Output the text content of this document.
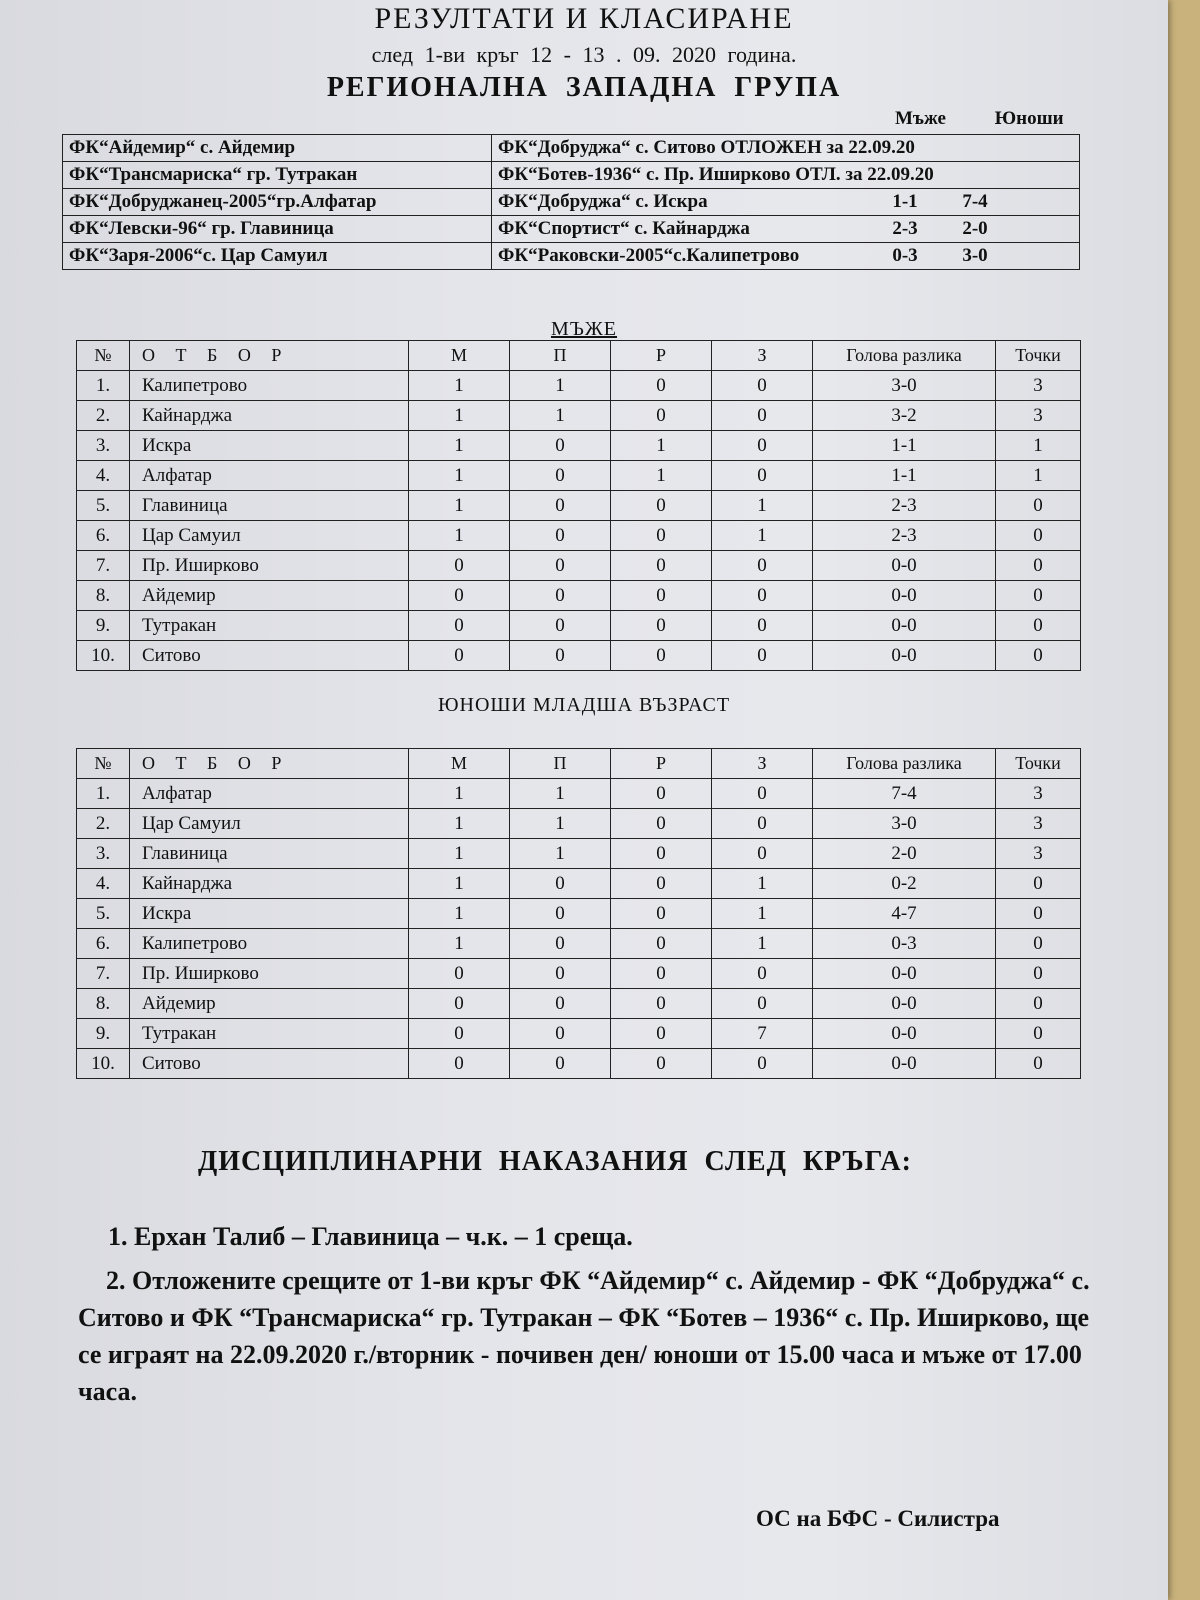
РЕЗУЛТАТИ И КЛАСИРАНЕ
след 1-ви кръг 12 - 13 . 09. 2020 година.
РЕГИОНАЛНА ЗАПАДНА ГРУПА
Мъже	Юноши
ФК“Айдемир“ с. Айдемир	ФК“Добруджа“ с. Ситово ОТЛОЖЕН за 22.09.20
ФК“Трансмариска“ гр. Тутракан	ФК“Ботев-1936“ с. Пр. Иширково ОТЛ. за 22.09.20
ФК“Добруджанец-2005“гр.Алфатар	ФК“Добруджа“ с. Искра 1-1 7-4
ФК“Левски-96“ гр. Главиница	ФК“Спортист“ с. Кайнарджа 2-3 2-0
ФК“Заря-2006“с. Цар Самуил	ФК“Раковски-2005“с.Калипетрово 0-3 3-0
МЪЖЕ
№	О Т Б О Р	М	П	Р	З	Голова разлика	Точки
1.	Калипетрово	1	1	0	0	3-0	3
2.	Кайнарджа	1	1	0	0	3-2	3
3.	Искра	1	0	1	0	1-1	1
4.	Алфатар	1	0	1	0	1-1	1
5.	Главиница	1	0	0	1	2-3	0
6.	Цар Самуил	1	0	0	1	2-3	0
7.	Пр. Иширково	0	0	0	0	0-0	0
8.	Айдемир	0	0	0	0	0-0	0
9.	Тутракан	0	0	0	0	0-0	0
10.	Ситово	0	0	0	0	0-0	0
ЮНОШИ МЛАДША ВЪЗРАСТ
№	О Т Б О Р	М	П	Р	З	Голова разлика	Точки
1.	Алфатар	1	1	0	0	7-4	3
2.	Цар Самуил	1	1	0	0	3-0	3
3.	Главиница	1	1	0	0	2-0	3
4.	Кайнарджа	1	0	0	1	0-2	0
5.	Искра	1	0	0	1	4-7	0
6.	Калипетрово	1	0	0	1	0-3	0
7.	Пр. Иширково	0	0	0	0	0-0	0
8.	Айдемир	0	0	0	0	0-0	0
9.	Тутракан	0	0	0	7	0-0	0
10.	Ситово	0	0	0	0	0-0	0
ДИСЦИПЛИНАРНИ НАКАЗАНИЯ СЛЕД КРЪГА:
1. Ерхан Талиб – Главиница – ч.к. – 1 среща.
2. Отложените срещите от 1-ви кръг ФК “Айдемир“ с. Айдемир - ФК “Добруджа“ с. Ситово и ФК “Трансмариска“ гр. Тутракан – ФК “Ботев – 1936“ с. Пр. Иширково, ще се играят на 22.09.2020 г./вторник - почивен ден/ юноши от 15.00 часа и мъже от 17.00 часа.
ОС на БФС - Силистра
